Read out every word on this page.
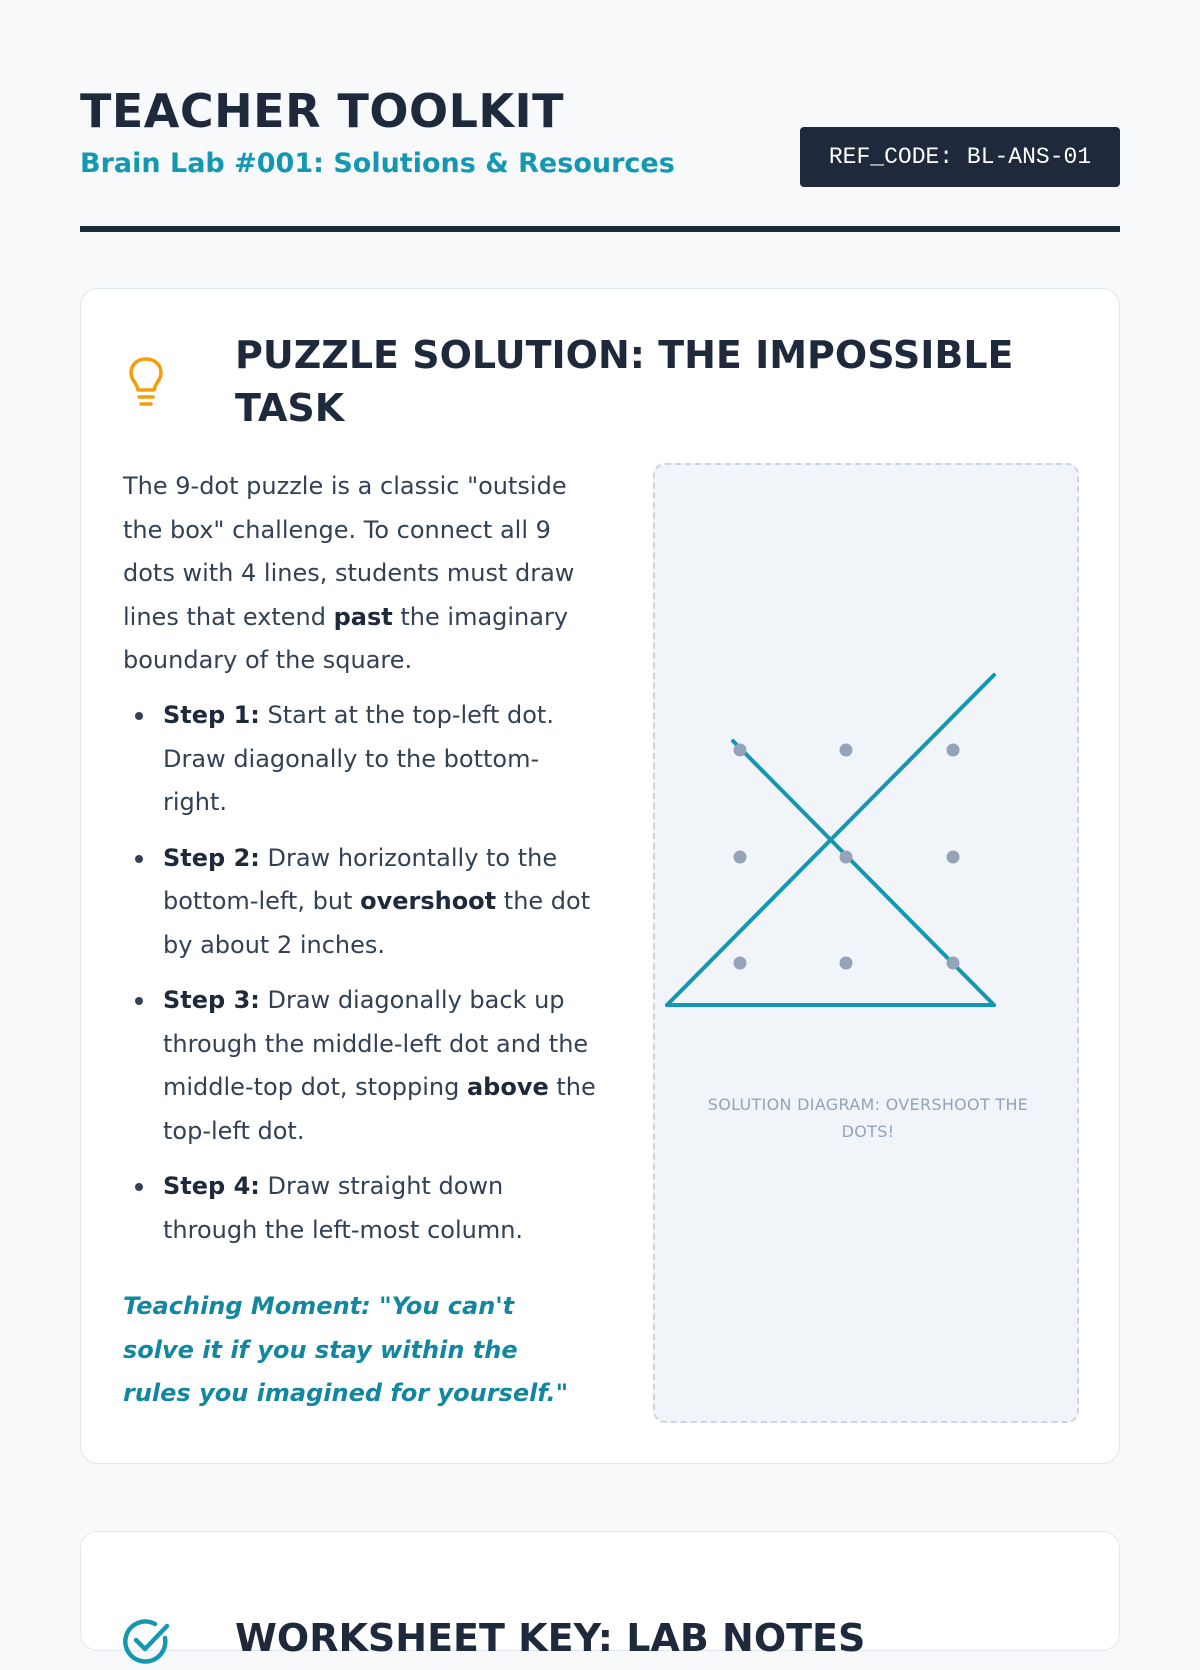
TEACHER TOOLKIT
Brain Lab #001: Solutions & Resources	REF_CODE: BL-ANS-01
PUZZLE SOLUTION: THE IMPOSSIBLE TASK

The 9-dot puzzle is a classic "outside the box" challenge. To connect all 9 dots with 4 lines, students must draw lines that extend past the imaginary boundary of the square.

Step 1: Start at the top-left dot. Draw diagonally to the bottom-right.
Step 2: Draw horizontally to the bottom-left, but overshoot the dot by about 2 inches.
Step 3: Draw diagonally back up through the middle-left dot and the middle-top dot, stopping above the top-left dot.
Step 4: Draw straight down through the left-most column.

Teaching Moment: "You can't solve it if you stay within the rules you imagined for yourself."

SOLUTION DIAGRAM: OVERSHOOT THE DOTS!
WORKSHEET KEY: LAB NOTES
